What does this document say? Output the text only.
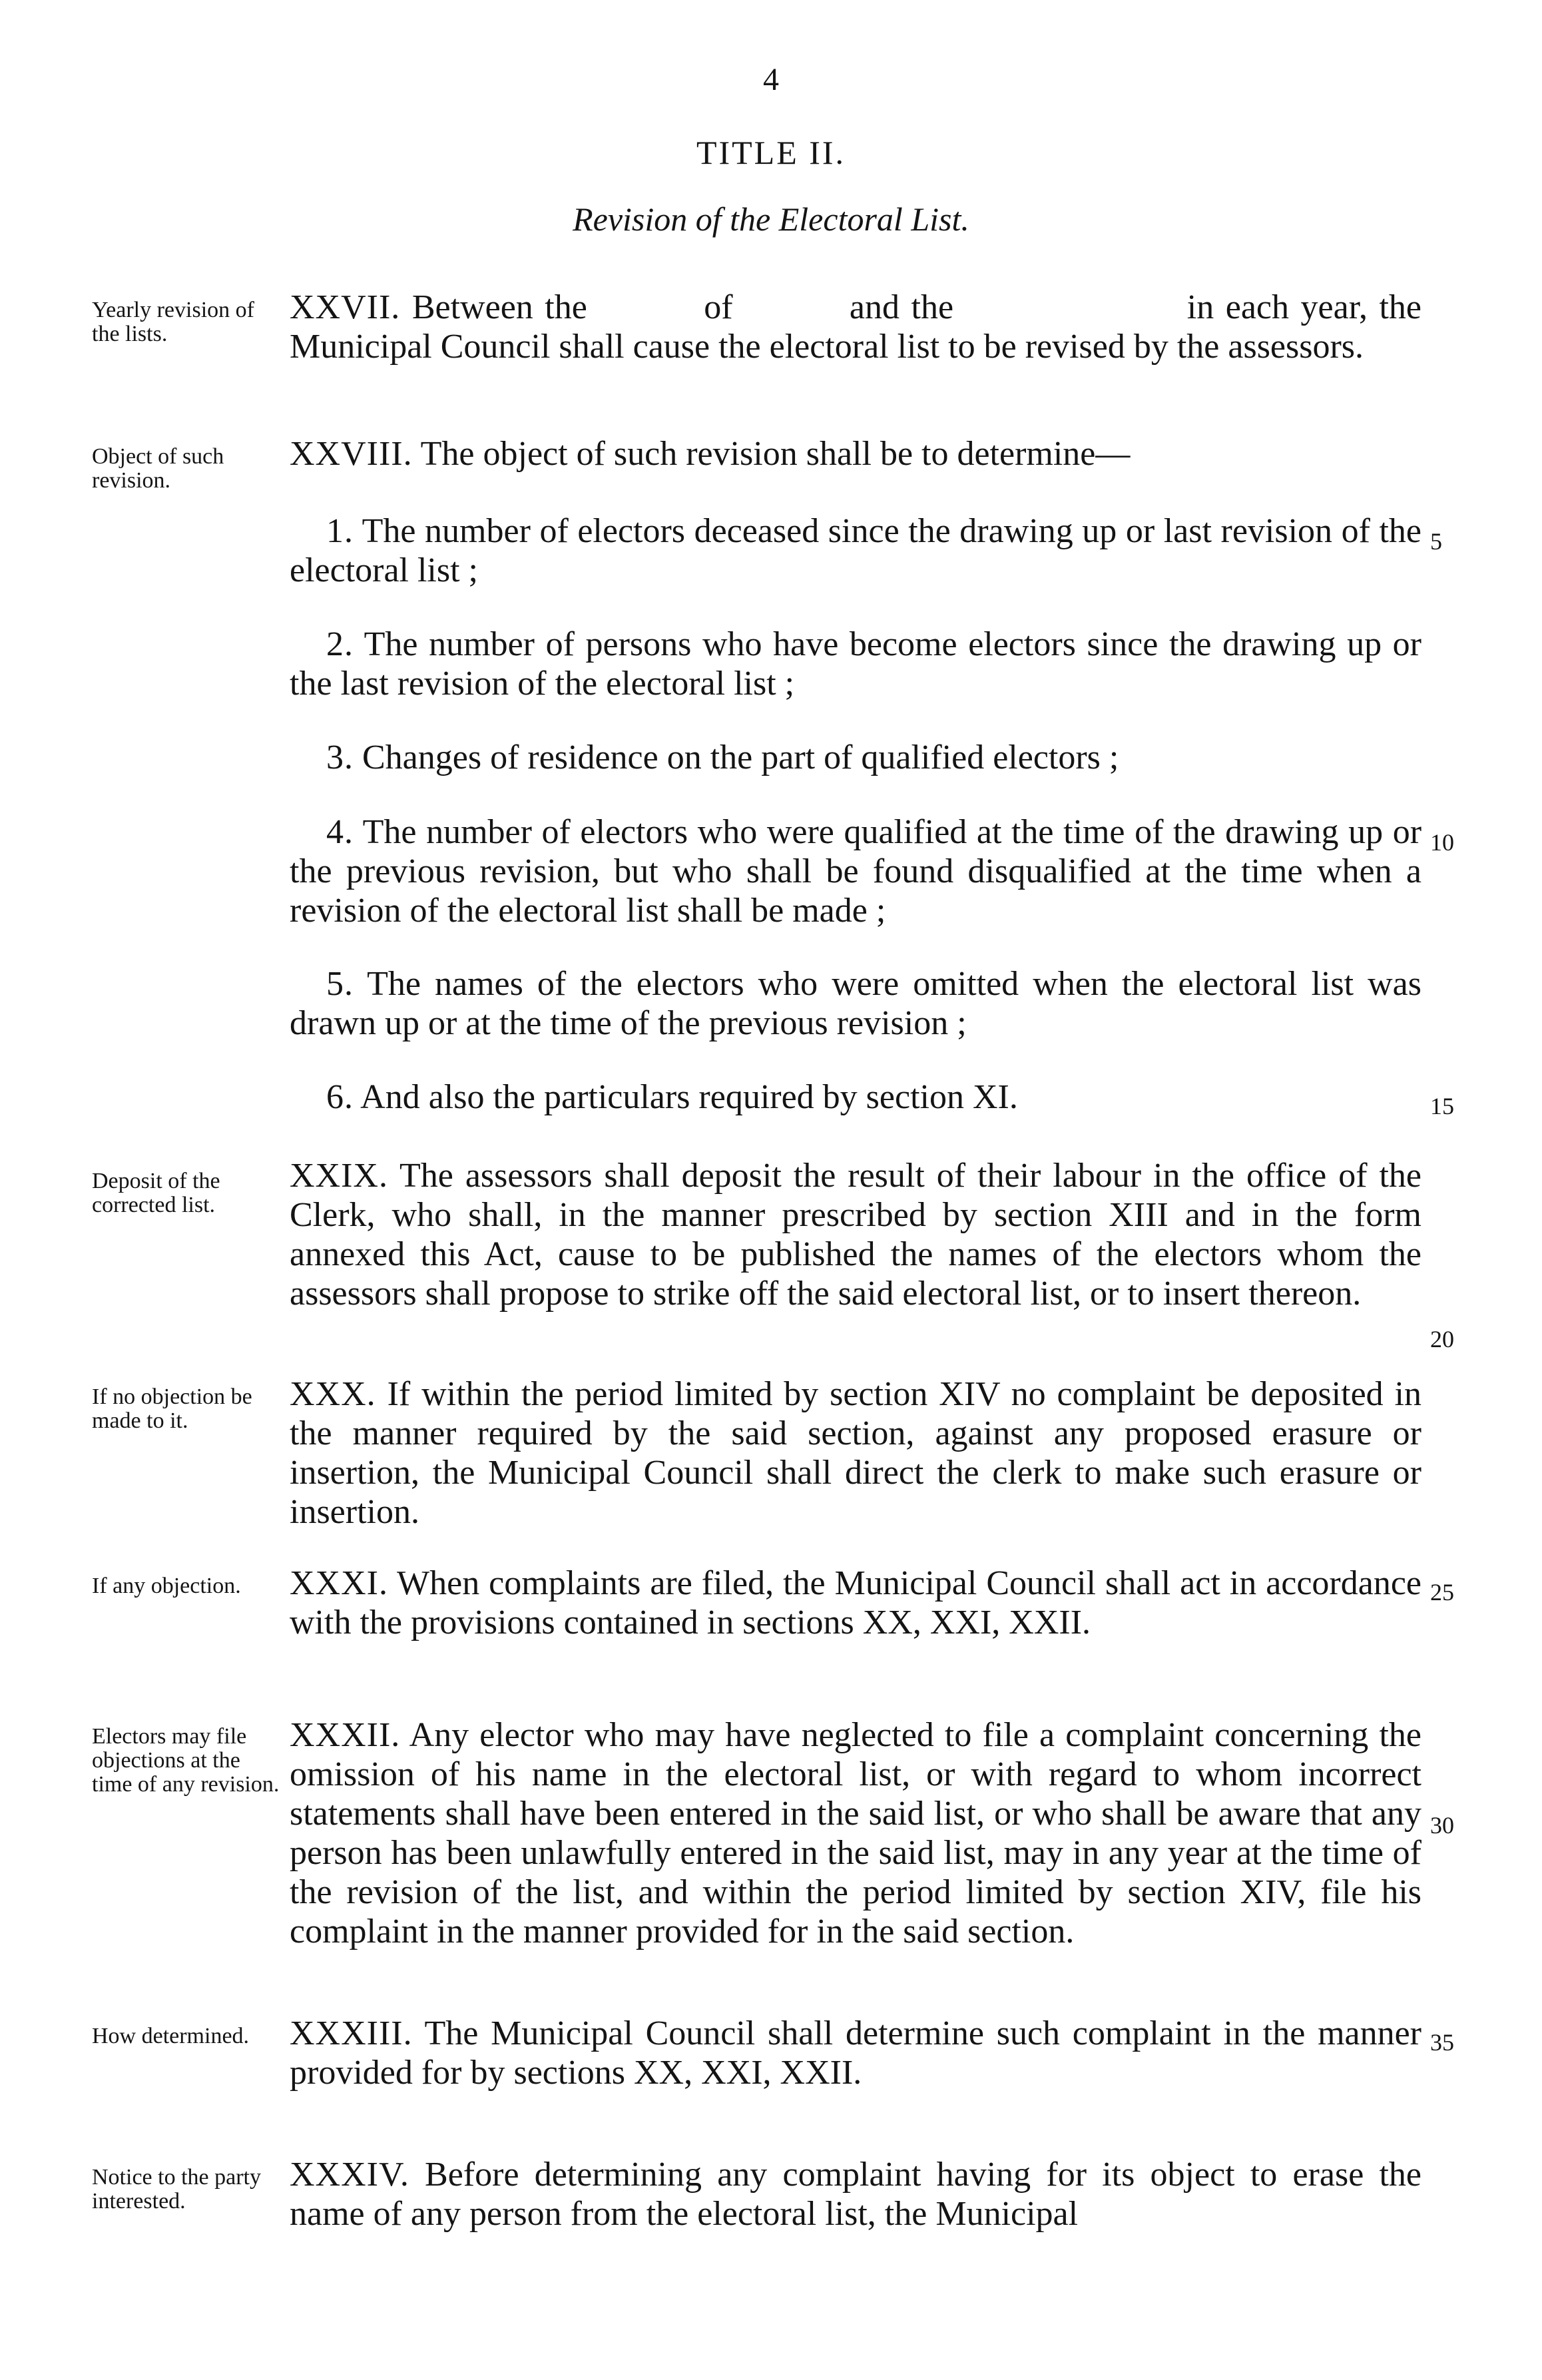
4
TITLE II.
Revision of the Electoral List.
Yearly revision of the lists.
Object of such revision.
Deposit of the corrected list.
If no objection be made to it.
If any objection.
Electors may file objections at the time of any revision.
How determined.
Notice to the party interested.

XXVII. Between the          of          and the                    in each year, the Municipal Council shall cause the electoral list to be revised by the assessors.

XXVIII. The object of such revision shall be to determine—

1. The number of electors deceased since the drawing up or last revision of the electoral list ;

2. The number of persons who have become electors since the drawing up or the last revision of the electoral list ;

3. Changes of residence on the part of qualified electors ;

4. The number of electors who were qualified at the time of the drawing up or the previous revision, but who shall be found disqualified at the time when a revision of the electoral list shall be made ;

5. The names of the electors who were omitted when the electoral list was drawn up or at the time of the previous revision ;

6. And also the particulars required by section XI.

XXIX. The assessors shall deposit the result of their labour in the office of the Clerk, who shall, in the manner prescribed by section XIII and in the form annexed this Act, cause to be published the names of the electors whom the assessors shall propose to strike off the said electoral list, or to insert thereon.

XXX. If within the period limited by section XIV no complaint be deposited in the manner required by the said section, against any proposed erasure or insertion, the Municipal Council shall direct the clerk to make such erasure or insertion.

XXXI. When complaints are filed, the Municipal Council shall act in accordance with the provisions contained in sections XX, XXI, XXII.

XXXII. Any elector who may have neglected to file a complaint concerning the omission of his name in the electoral list, or with regard to whom incorrect statements shall have been entered in the said list, or who shall be aware that any person has been unlawfully entered in the said list, may in any year at the time of the revision of the list, and within the period limited by section XIV, file his complaint in the manner provided for in the said section.

XXXIII. The Municipal Council shall determine such complaint in the manner provided for by sections XX, XXI, XXII.

XXXIV. Before determining any complaint having for its object to erase the name of any person from the electoral list, the Municipal

5
10
15
20
25
30
35
